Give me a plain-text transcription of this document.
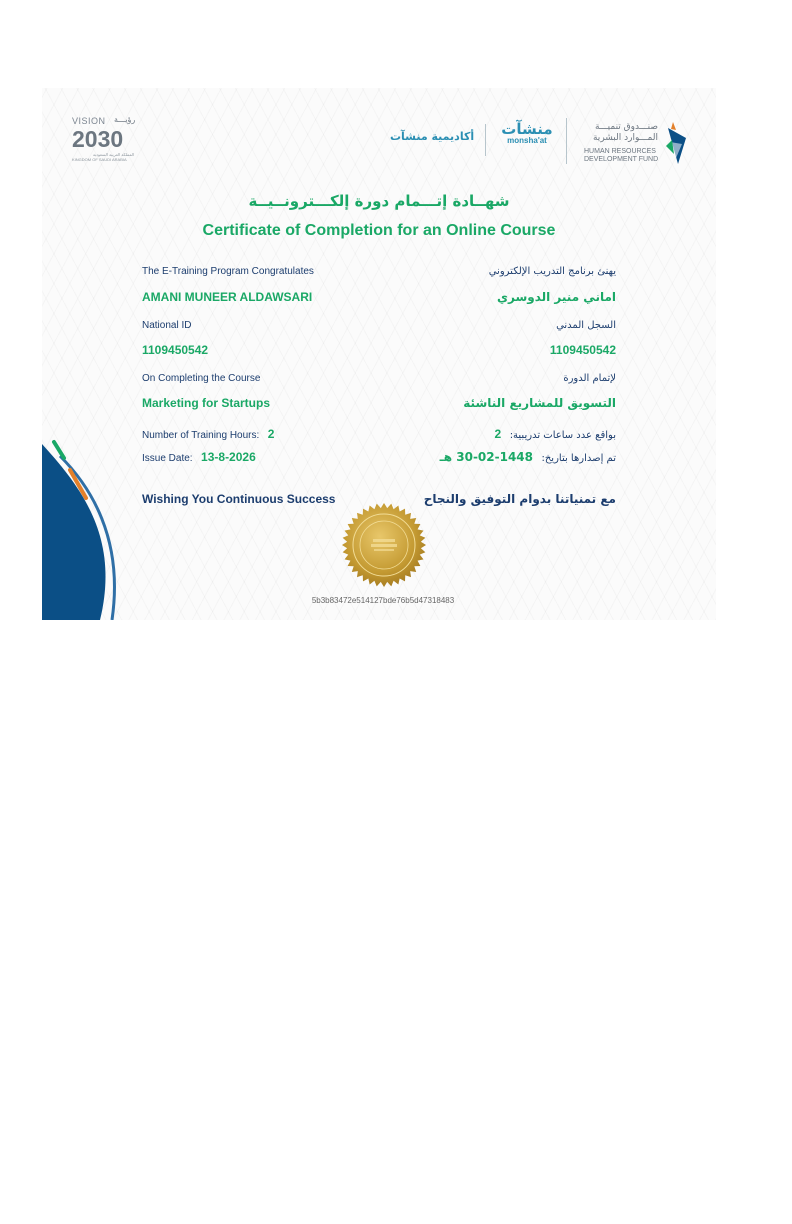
VISION رؤيـــة
2030
المملكة العربية السعودية
KINGDOM OF SAUDI ARABIA
أكاديمية منشآت	منشآت
monsha'at
صنـــدوق تنميـــة
المـــوارد البشرية
HUMAN RESOURCES
DEVELOPMENT FUND
شهــادة إتـــمام دورة إلكـــترونــيــة
Certificate of Completion for an Online Course
The E-Training Program Congratulates	يهنئ برنامج التدريب الإلكتروني
AMANI MUNEER ALDAWSARI	اماني منير الدوسري
National ID	السجل المدني
1109450542	1109450542
On Completing the Course	لإتمام الدورة
Marketing for Startups	التسويق للمشاريع الناشئة
Number of Training Hours: 2	بواقع عدد ساعات تدريبية: 2
Issue Date: 13-8-2026	تم إصدارها بتاريخ: 1448-02-30 هـ
Wishing You Continuous Success	مع تمنياتنا بدوام التوفيق والنجاح
5b3b83472e514127bde76b5d47318483
